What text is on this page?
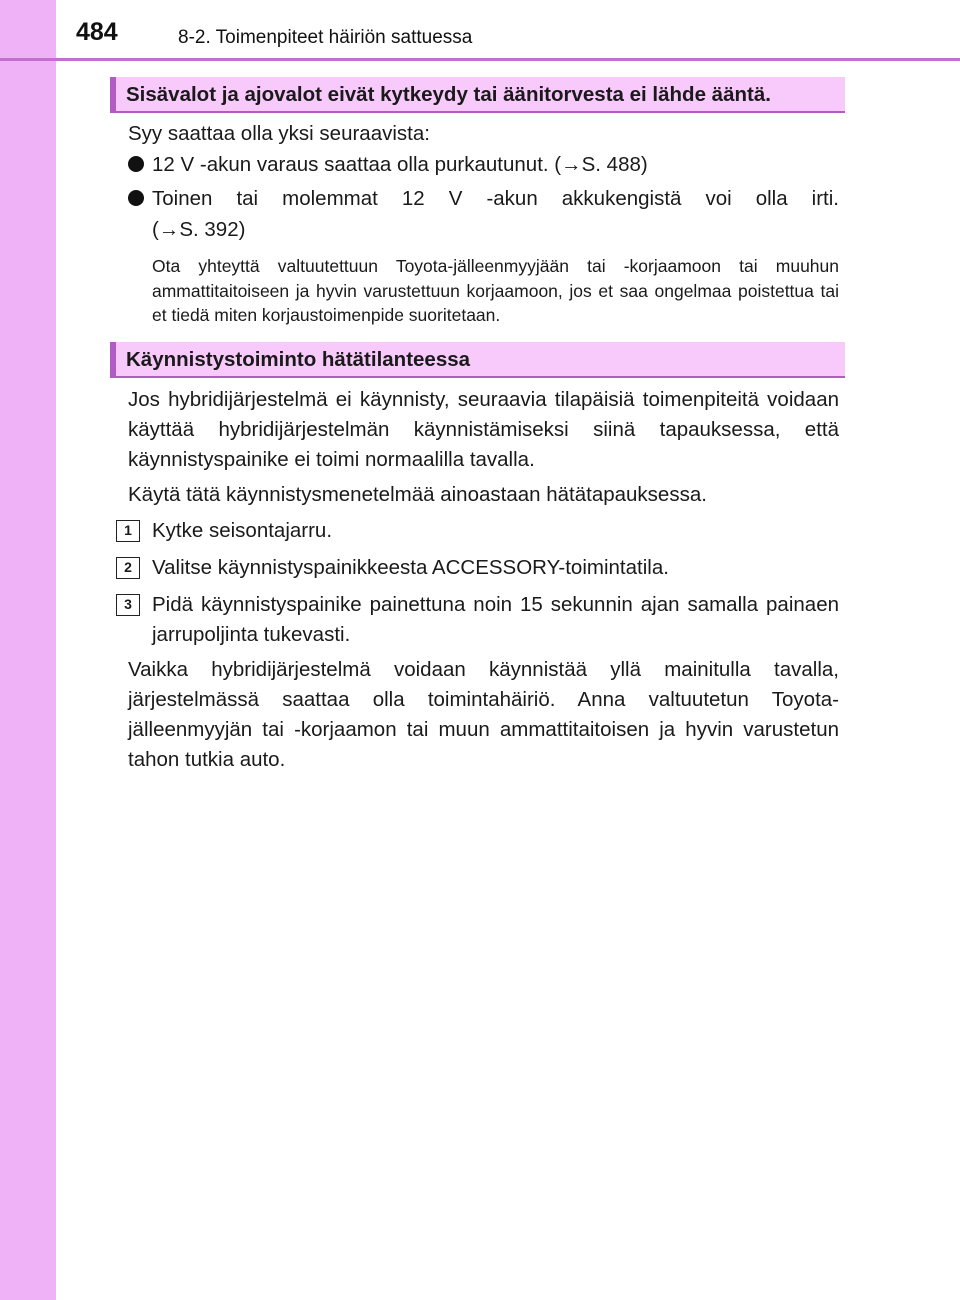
484	8-2. Toimenpiteet häiriön sattuessa
Sisävalot ja ajovalot eivät kytkeydy tai äänitorvesta ei lähde ääntä.
Syy saattaa olla yksi seuraavista:
12 V -akun varaus saattaa olla purkautunut. (→S. 488)
Toinen tai molemmat 12 V -akun akkukengistä voi olla irti.
(→S. 392)
Ota yhteyttä valtuutettuun Toyota-jälleenmyyjään tai -korjaamoon tai muuhun ammattitaitoiseen ja hyvin varustettuun korjaamoon, jos et saa ongelmaa poistettua tai et tiedä miten korjaustoimenpide suoritetaan.
Käynnistystoiminto hätätilanteessa
Jos hybridijärjestelmä ei käynnisty, seuraavia tilapäisiä toimenpiteitä voidaan käyttää hybridijärjestelmän käynnistämiseksi siinä tapauksessa, että käynnistyspainike ei toimi normaalilla tavalla.
Käytä tätä käynnistysmenetelmää ainoastaan hätätapauksessa.
1 Kytke seisontajarru.
2 Valitse käynnistyspainikkeesta ACCESSORY-toimintatila.
3 Pidä käynnistyspainike painettuna noin 15 sekunnin ajan samalla painaen jarrupoljinta tukevasti.
Vaikka hybridijärjestelmä voidaan käynnistää yllä mainitulla tavalla, järjestelmässä saattaa olla toimintahäiriö. Anna valtuutetun Toyota-jälleenmyyjän tai -korjaamon tai muun ammattitaitoisen ja hyvin varustetun tahon tutkia auto.
